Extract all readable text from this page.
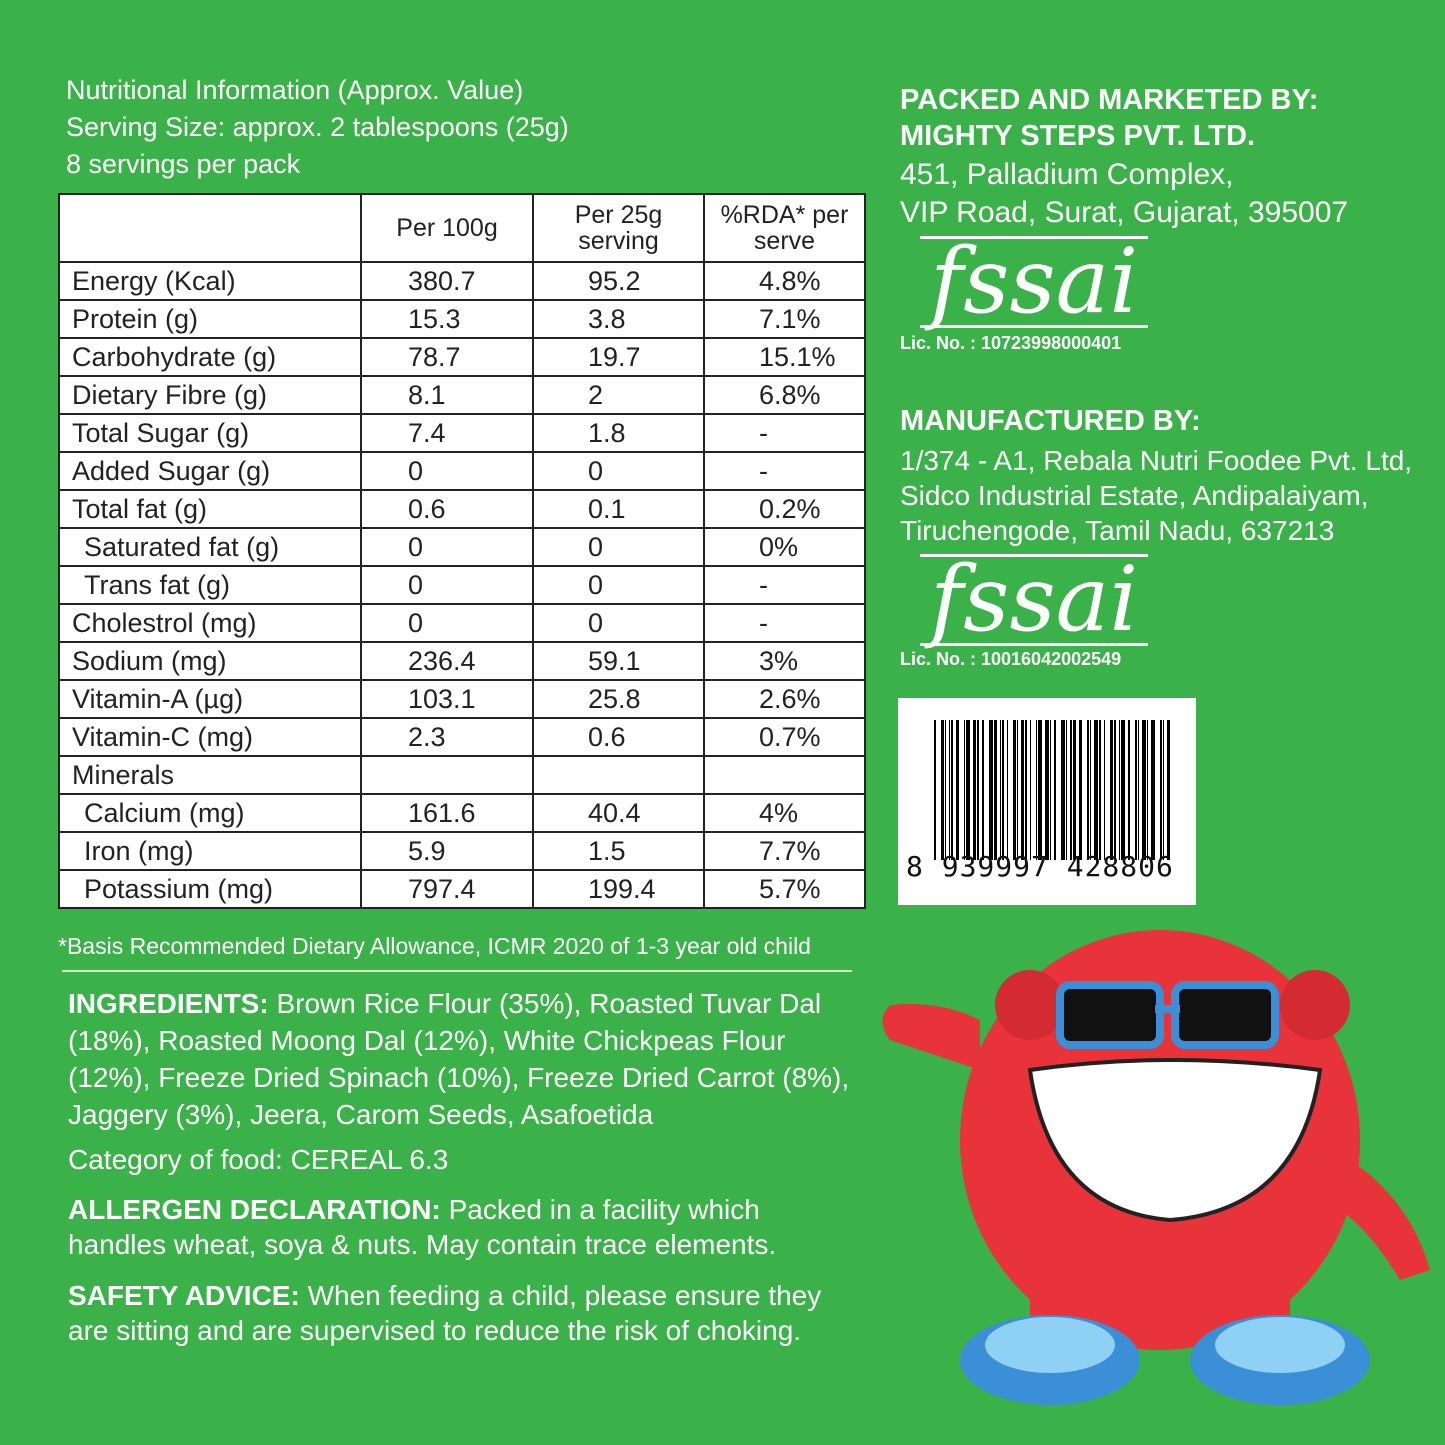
Nutritional Information (Approx. Value)
Serving Size: approx. 2 tablespoons (25g)
8 servings per pack
	Per 100g	Per 25g serving	%RDA* per serve
Energy (Kcal)	380.7	95.2	4.8%
Protein (g)	15.3	3.8	7.1%
Carbohydrate (g)	78.7	19.7	15.1%
Dietary Fibre (g)	8.1	2	6.8%
Total Sugar (g)	7.4	1.8	-
Added Sugar (g)	0	0	-
Total fat (g)	0.6	0.1	0.2%
Saturated fat (g)	0	0	0%
Trans fat (g)	0	0	-
Cholestrol (mg)	0	0	-
Sodium (mg)	236.4	59.1	3%
Vitamin-A (µg)	103.1	25.8	2.6%
Vitamin-C (mg)	2.3	0.6	0.7%
Minerals			
Calcium (mg)	161.6	40.4	4%
Iron (mg)	5.9	1.5	7.7%
Potassium (mg)	797.4	199.4	5.7%
*Basis Recommended Dietary Allowance, ICMR 2020 of 1-3 year old child
INGREDIENTS: Brown Rice Flour (35%), Roasted Tuvar Dal (18%), Roasted Moong Dal (12%), White Chickpeas Flour (12%), Freeze Dried Spinach (10%), Freeze Dried Carrot (8%), Jaggery (3%), Jeera, Carom Seeds, Asafoetida
Category of food: CEREAL 6.3
ALLERGEN DECLARATION: Packed in a facility which handles wheat, soya & nuts. May contain trace elements.
SAFETY ADVICE: When feeding a child, please ensure they are sitting and are supervised to reduce the risk of choking.
PACKED AND MARKETED BY:
MIGHTY STEPS PVT. LTD.
451, Palladium Complex,
VIP Road, Surat, Gujarat, 395007
fssai
Lic. No. : 10723998000401
MANUFACTURED BY:
1/374 - A1, Rebala Nutri Foodee Pvt. Ltd,
Sidco Industrial Estate, Andipalaiyam,
Tiruchengode, Tamil Nadu, 637213
fssai
Lic. No. : 10016042002549
8 939997 428806
